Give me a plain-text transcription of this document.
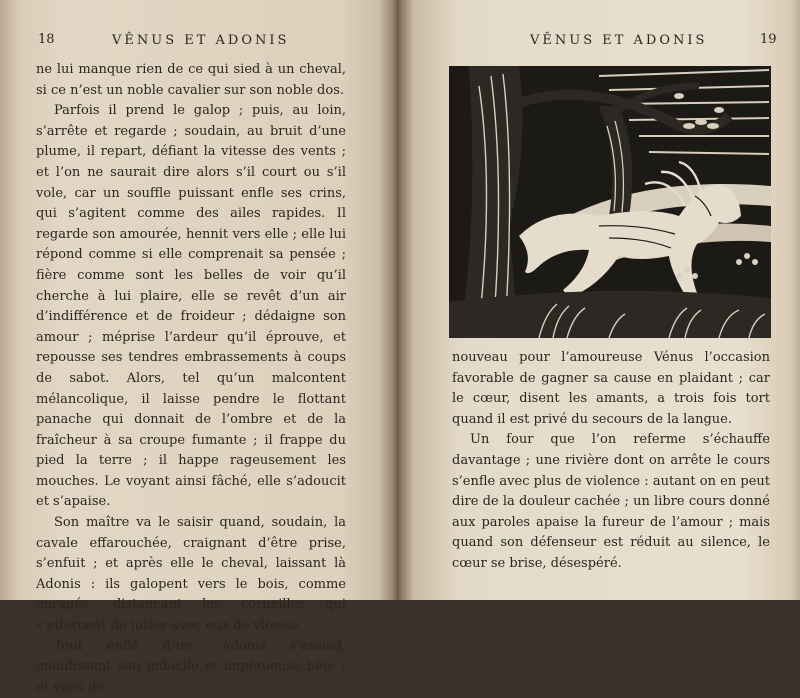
18	VÊNUS ET ADONIS

ne lui manque rien de ce qui sied à un cheval, si ce n’est un noble cavalier sur son noble dos.

Parfois il prend le galop ; puis, au loin, s’arrête et regarde ; soudain, au bruit d’une plume, il repart, défiant la vitesse des vents ; et l’on ne saurait dire alors s’il court ou s’il vole, car un souffle puissant enfle ses crins, qui s’agitent comme des ailes rapides. Il regarde son amourée, hennit vers elle ; elle lui répond comme si elle comprenait sa pensée ; fière comme sont les belles de voir qu’il cherche à lui plaire, elle se revêt d’un air d’indifférence et de froideur ; dédaigne son amour ; méprise l’ardeur qu’il éprouve, et repousse ses tendres embrassements à coups de sabot. Alors, tel qu’un malcontent mélancolique, il laisse pendre le flottant panache qui donnait de l’ombre et de la fraîcheur à sa croupe fumante ; il frappe du pied la terre ; il happe rageusement les mouches. Le voyant ainsi fâché, elle s’adoucit et s’apaise.

Son maître va le saisir quand, soudain, la cavale effarouchée, craignant d’être prise, s’enfuit ; et après elle le cheval, laissant là Adonis : ils galopent vers le bois, comme enragés, distançant les corneilles qui s’efforcent de lutter avec eux de vitesse.

Tout enflé d’ire, Adonis s’assied, maudissant son indocile et impétueuse bête : et voici de

VÊNUS ET ADONIS	19

nouveau pour l’amoureuse Vénus l’occasion favorable de gagner sa cause en plaidant ; car le cœur, disent les amants, a trois fois tort quand il est privé du secours de la langue.

Un four que l’on referme s’échauffe davantage ; une rivière dont on arrête le cours s’enfle avec plus de violence : autant on en peut dire de la douleur cachée ; un libre cours donné aux paroles apaise la fureur de l’amour ; mais quand son défenseur est réduit au silence, le cœur se brise, désespéré.
